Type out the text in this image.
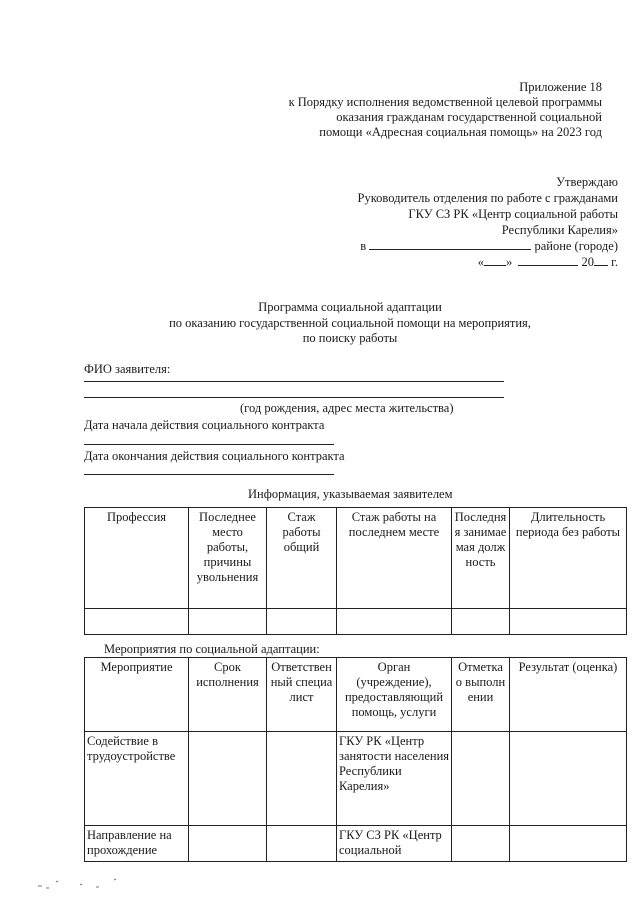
Приложение 18
к Порядку исполнения ведомственной целевой программы
оказания гражданам государственной социальной
помощи «Адресная социальная помощь» на 2023 год
Утверждаю
Руководитель отделения по работе с гражданами
ГКУ СЗ РК «Центр социальной работы
Республики Карелия»
в	районе (городе)
« »	20 г.
Программа социальной адаптации
по оказанию государственной социальной помощи на мероприятия,
по поиску работы
ФИО заявителя:
(год рождения, адрес места жительства)
Дата начала действия социального контракта
Дата окончания действия социального контракта
Информация, указываемая заявителем
Профессия	Последнее место работы, причины увольнения	Стаж работы общий	Стаж работы на последнем месте	Последняя занимаемая должность	Длительность периода без работы

Мероприятия по социальной адаптации:
Мероприятие	Срок исполнения	Ответственный специалист	Орган (учреждение), предоставляющий помощь, услуги	Отметка о выполнении	Результат (оценка)
Содействие в трудоустройстве			ГКУ РК «Центр занятости населения Республики Карелия»		
Направление на прохождение			ГКУ СЗ РК «Центр социальной		
